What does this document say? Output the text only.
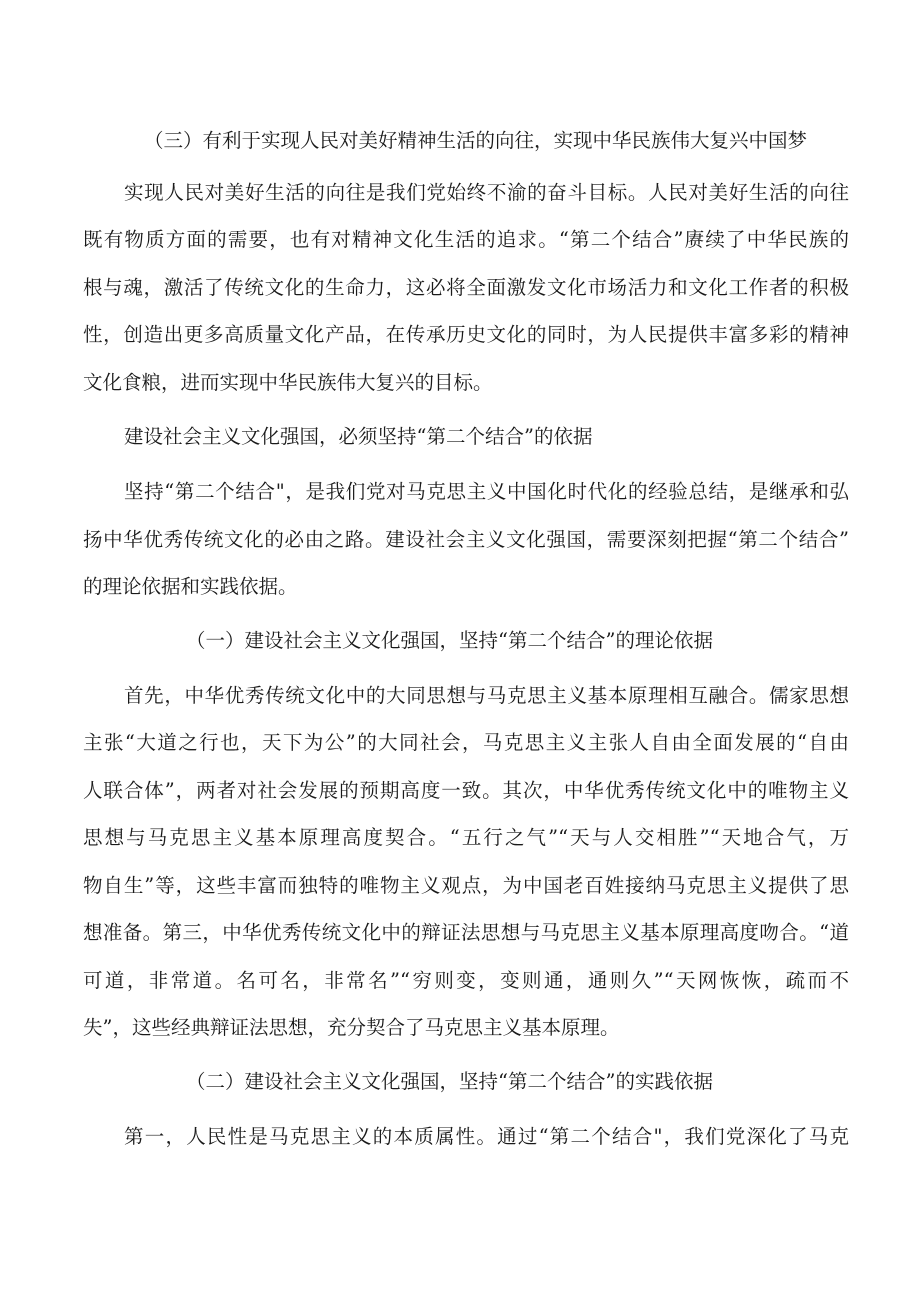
（三）有利于实现人民对美好精神生活的向往，实现中华民族伟大复兴中国梦
实现人民对美好生活的向往是我们党始终不渝的奋斗目标。人民对美好生活的向往
既有物质方面的需要，也有对精神文化生活的追求。“第二个结合”赓续了中华民族的
根与魂，激活了传统文化的生命力，这必将全面激发文化市场活力和文化工作者的积极
性，创造出更多高质量文化产品，在传承历史文化的同时，为人民提供丰富多彩的精神
文化食粮，进而实现中华民族伟大复兴的目标。
建设社会主义文化强国，必须坚持“第二个结合”的依据
坚持“第二个结合"，是我们党对马克思主义中国化时代化的经验总结，是继承和弘
扬中华优秀传统文化的必由之路。建设社会主义文化强国，需要深刻把握“第二个结合”
的理论依据和实践依据。
（一）建设社会主义文化强国，坚持“第二个结合”的理论依据
首先，中华优秀传统文化中的大同思想与马克思主义基本原理相互融合。儒家思想
主张“大道之行也，天下为公”的大同社会，马克思主义主张人自由全面发展的“自由
人联合体”，两者对社会发展的预期高度一致。其次，中华优秀传统文化中的唯物主义
思想与马克思主义基本原理高度契合。“五行之气”“天与人交相胜”“天地合气，万
物自生”等，这些丰富而独特的唯物主义观点，为中国老百姓接纳马克思主义提供了思
想准备。第三，中华优秀传统文化中的辩证法思想与马克思主义基本原理高度吻合。“道
可道，非常道。名可名，非常名”“穷则变，变则通，通则久”“天网恢恢，疏而不
失”，这些经典辩证法思想，充分契合了马克思主义基本原理。
（二）建设社会主义文化强国，坚持“第二个结合”的实践依据
第一，人民性是马克思主义的本质属性。通过“第二个结合"，我们党深化了马克
